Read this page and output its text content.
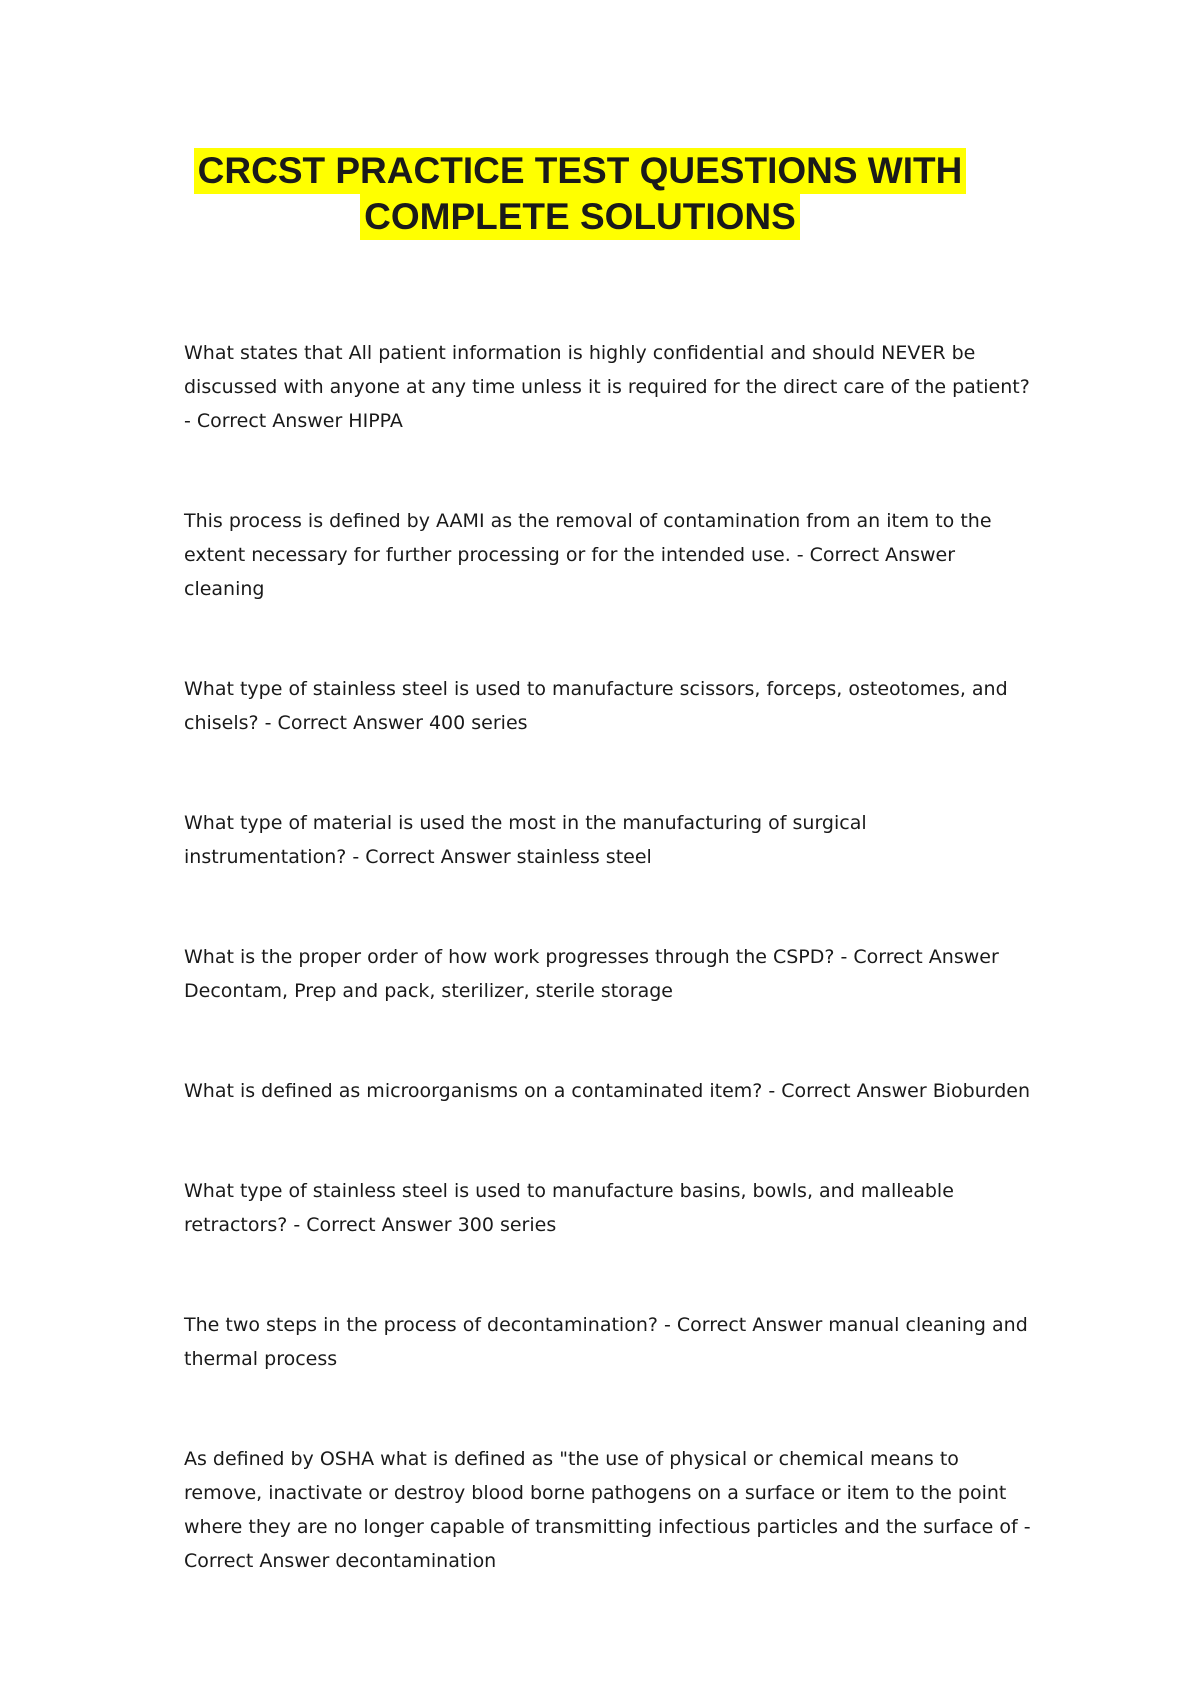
CRCST PRACTICE TEST QUESTIONS WITH
COMPLETE SOLUTIONS
What states that All patient information is highly confidential and should NEVER be discussed with anyone at any time unless it is required for the direct care of the patient? - Correct Answer HIPPA
This process is defined by AAMI as the removal of contamination from an item to the extent necessary for further processing or for the intended use. - Correct Answer cleaning
What type of stainless steel is used to manufacture scissors, forceps, osteotomes, and chisels? - Correct Answer 400 series
What type of material is used the most in the manufacturing of surgical instrumentation? - Correct Answer stainless steel
What is the proper order of how work progresses through the CSPD? - Correct Answer Decontam, Prep and pack, sterilizer, sterile storage
What is defined as microorganisms on a contaminated item? - Correct Answer Bioburden
What type of stainless steel is used to manufacture basins, bowls, and malleable retractors? - Correct Answer 300 series
The two steps in the process of decontamination? - Correct Answer manual cleaning and thermal process
As defined by OSHA what is defined as "the use of physical or chemical means to remove, inactivate or destroy blood borne pathogens on a surface or item to the point where they are no longer capable of transmitting infectious particles and the surface of - Correct Answer decontamination
